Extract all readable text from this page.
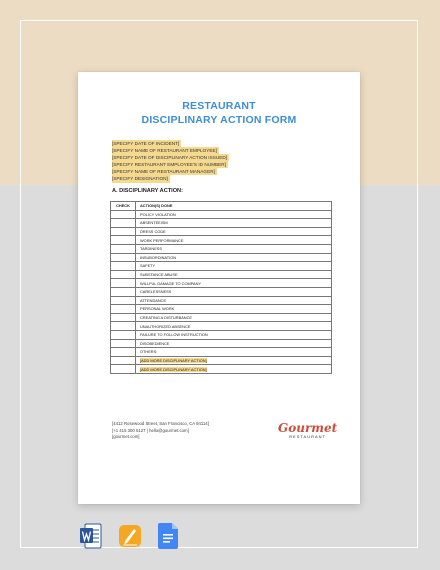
RESTAURANT
DISCIPLINARY ACTION FORM
[SPECIFY DATE OF INCIDENT]
[SPECIFY NAME OF RESTAURANT EMPLOYEE]
[SPECIFY DATE OF DISCIPLINARY ACTION ISSUED]
[SPECIFY RESTAURANT EMPLOYEE'S ID NUMBER]
[SPECIFY NAME OF RESTAURANT MANAGER]
[SPECIFY DESIGNATION]
A. DISCIPLINARY ACTION:
CHECK	ACTION(S) DONE
	POLICY VIOLATION
	ABSENTEEISM
	DRESS CODE
	WORK PERFORMANCE
	TARDINESS
	INSUBORDINATION
	SAFETY
	SUBSTANCE ABUSE
	WILLFUL DAMAGE TO COMPANY
	CARELESSNESS
	ATTENDANCE
	PERSONAL WORK
	CREATING A DISTURBANCE
	UNAUTHORIZED ABSENCE
	FAILURE TO FOLLOW INSTRUCTION
	DISOBEDIENCE
	OTHERS:
	[ADD MORE DISCIPLINARY ACTION]
	[ADD MORE DISCIPLINARY ACTION]
[4412 Rosewood Street, San Francisco, CA 94114]
[+1 415 300 5127 | hello@gourmet.com]
[gourmet.com]
Gourmet
RESTAURANT
